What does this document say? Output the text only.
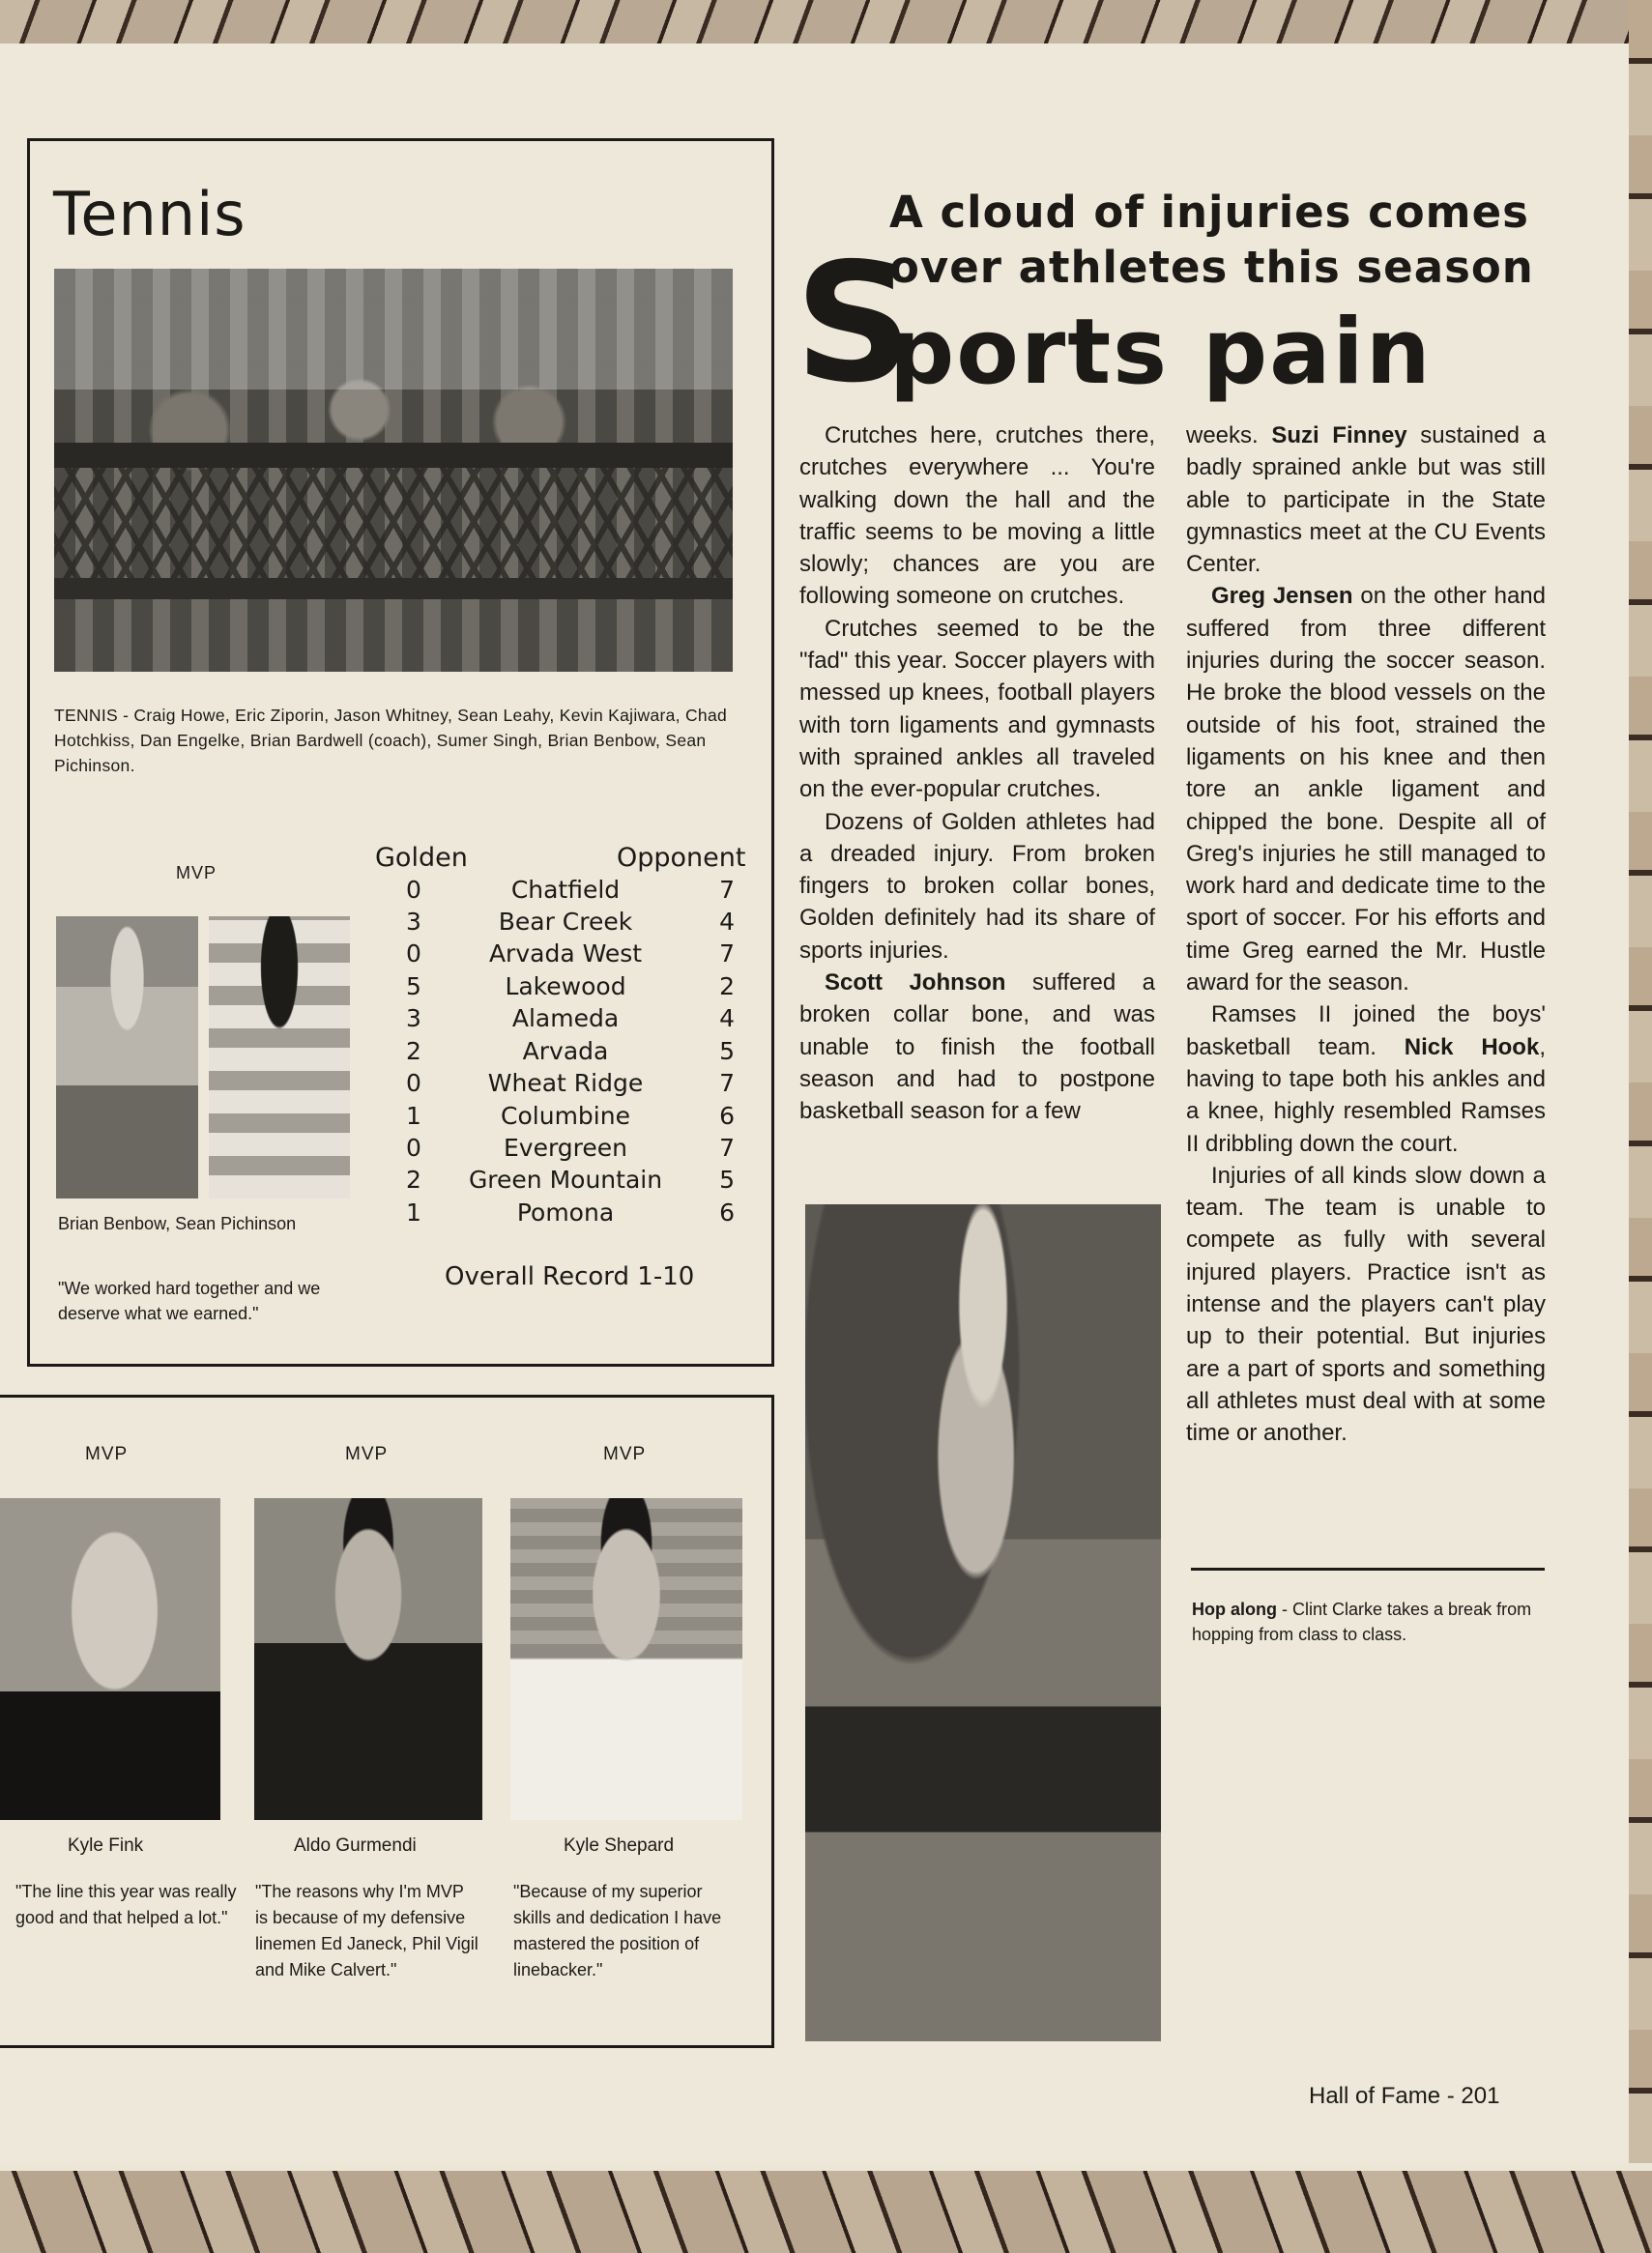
Tennis

TENNIS - Craig Howe, Eric Ziporin, Jason Whitney, Sean Leahy, Kevin Kajiwara, Chad Hotchkiss, Dan Engelke, Brian Bardwell (coach), Sumer Singh, Brian Benbow, Sean Pichinson.

MVP
Brian Benbow, Sean Pichinson

"We worked hard together and we deserve what we earned."

Golden	Opponent
0	Chatfield	7
3	Bear Creek	4
0	Arvada West	7
5	Lakewood	2
3	Alameda	4
2	Arvada	5
0	Wheat Ridge	7
1	Columbine	6
0	Evergreen	7
2	Green Mountain	5
1	Pomona	6
Overall Record 1-10
MVP	MVP	MVP
Kyle Fink	Aldo Gurmendi	Kyle Shepard

"The line this year was really good and that helped a lot."

"The reasons why I'm MVP is because of my defensive linemen Ed Janeck, Phil Vigil and Mike Calvert."

"Because of my superior skills and dedication I have mastered the position of linebacker."

A cloud of injuries comes
over athletes this season
S
ports pain

Crutches here, crutches there, crutches everywhere ... You're walking down the hall and the traffic seems to be moving a little slowly; chances are you are following someone on crutches.

Crutches seemed to be the "fad" this year. Soccer players with messed up knees, football players with torn ligaments and gymnasts with sprained ankles all traveled on the ever-popular crutches.

Dozens of Golden athletes had a dreaded injury. From broken fingers to broken collar bones, Golden definitely had its share of sports injuries.

Scott Johnson suffered a broken collar bone, and was unable to finish the football season and had to postpone basketball season for a few

weeks. Suzi Finney sustained a badly sprained ankle but was still able to participate in the State gymnastics meet at the CU Events Center.

Greg Jensen on the other hand suffered from three different injuries during the soccer season. He broke the blood vessels on the outside of his foot, strained the ligaments on his knee and then tore an ankle ligament and chipped the bone. Despite all of Greg's injuries he still managed to work hard and dedicate time to the sport of soccer. For his efforts and time Greg earned the Mr. Hustle award for the season.

Ramses II joined the boys' basketball team. Nick Hook, having to tape both his ankles and a knee, highly resembled Ramses II dribbling down the court.

Injuries of all kinds slow down a team. The team is unable to compete as fully with several injured players. Practice isn't as intense and the players can't play up to their potential. But injuries are a part of sports and something all athletes must deal with at some time or another.

Hop along - Clint Clarke takes a break from hopping from class to class.

Hall of Fame - 201
